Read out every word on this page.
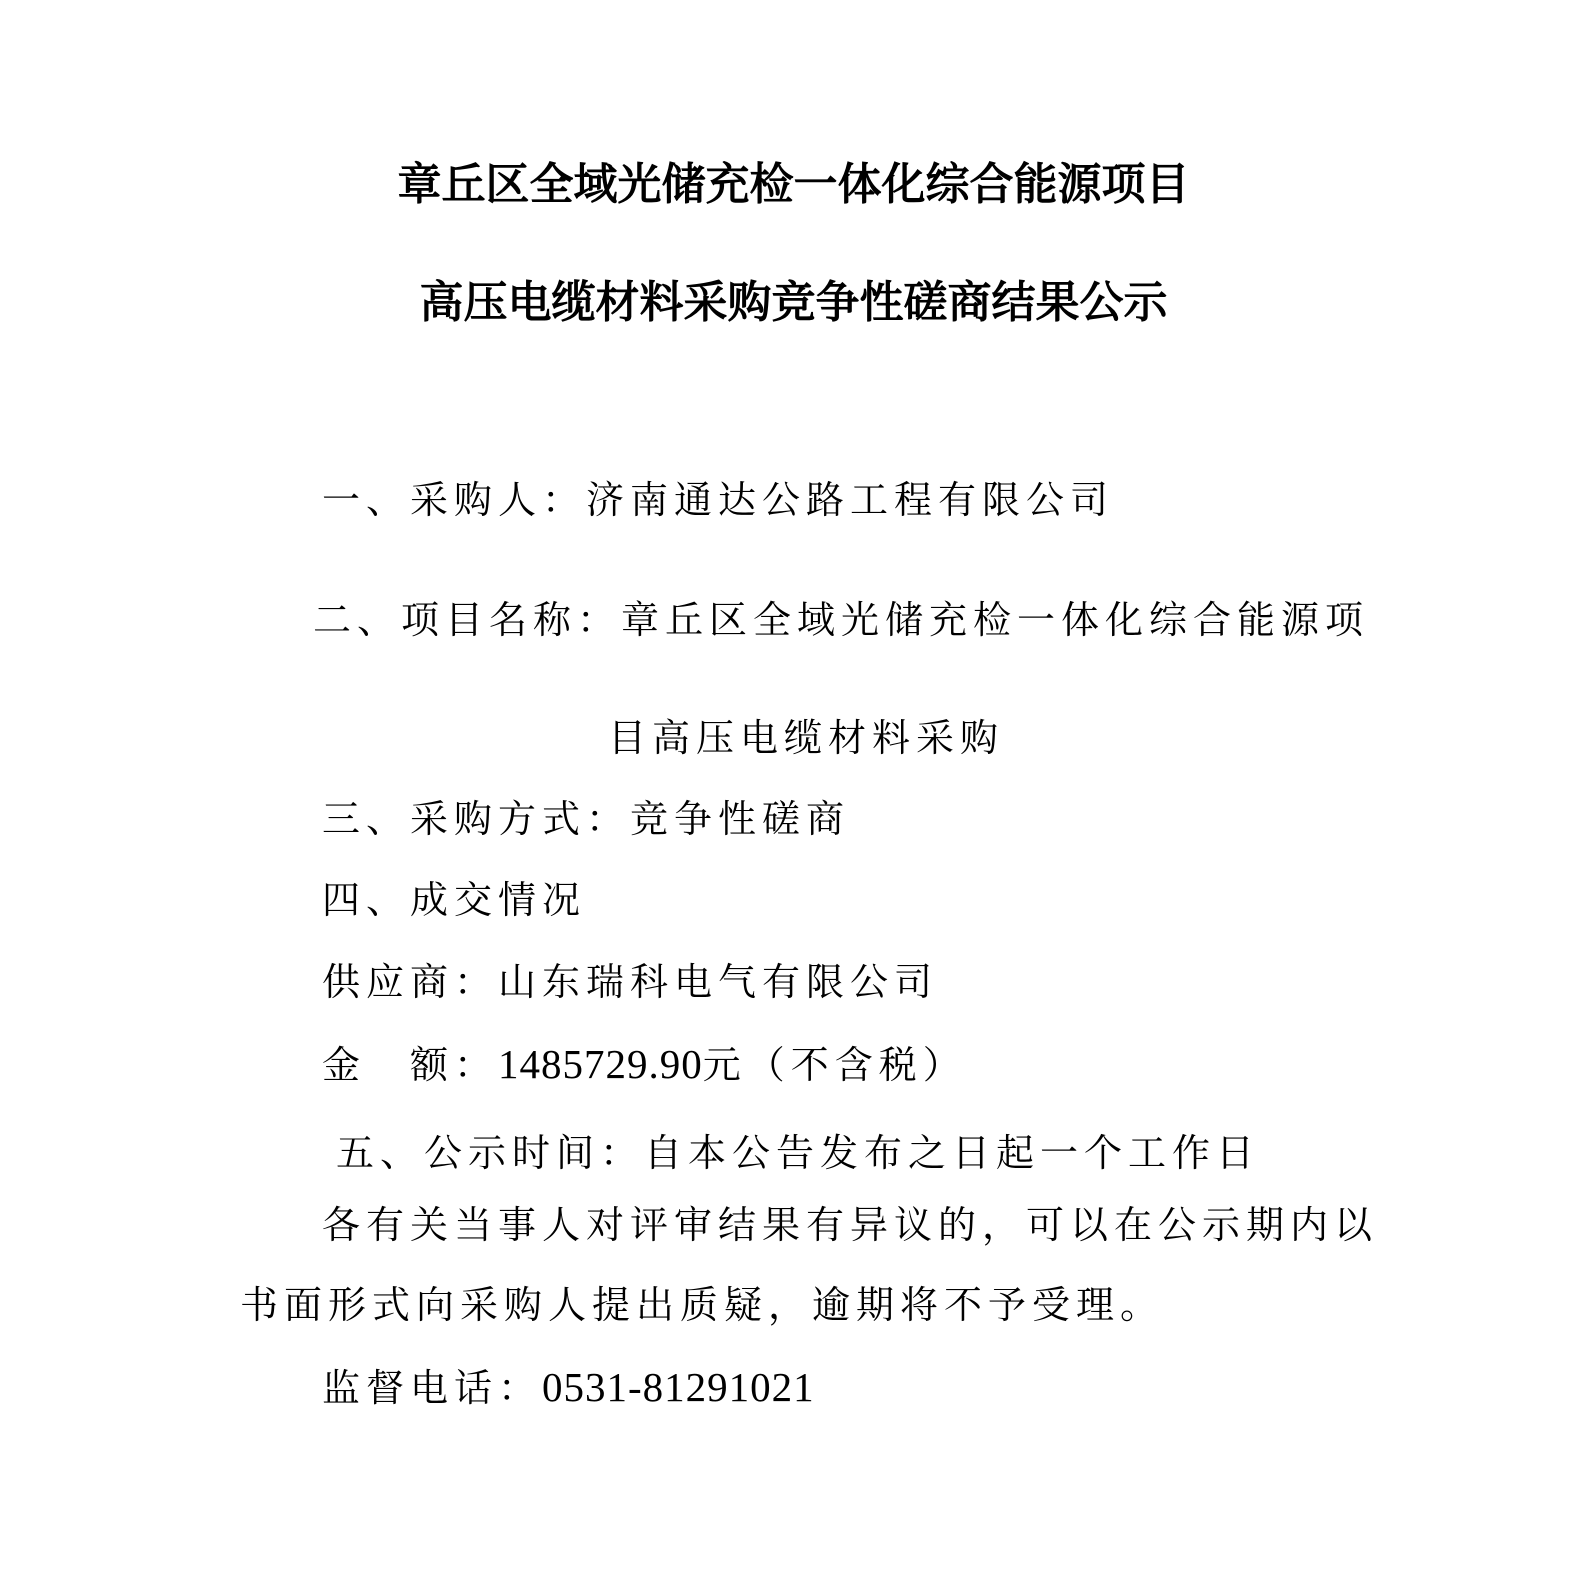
章丘区全域光储充检一体化综合能源项目
高压电缆材料采购竞争性磋商结果公示
一、采购人：济南通达公路工程有限公司
二、项目名称：章丘区全域光储充检一体化综合能源项
目高压电缆材料采购
三、采购方式：竞争性磋商
四、成交情况
供应商：山东瑞科电气有限公司
金　额：1485729.90元（不含税）
五、公示时间：自本公告发布之日起一个工作日
各有关当事人对评审结果有异议的，可以在公示期内以
书面形式向采购人提出质疑，逾期将不予受理。
监督电话：0531-81291021
